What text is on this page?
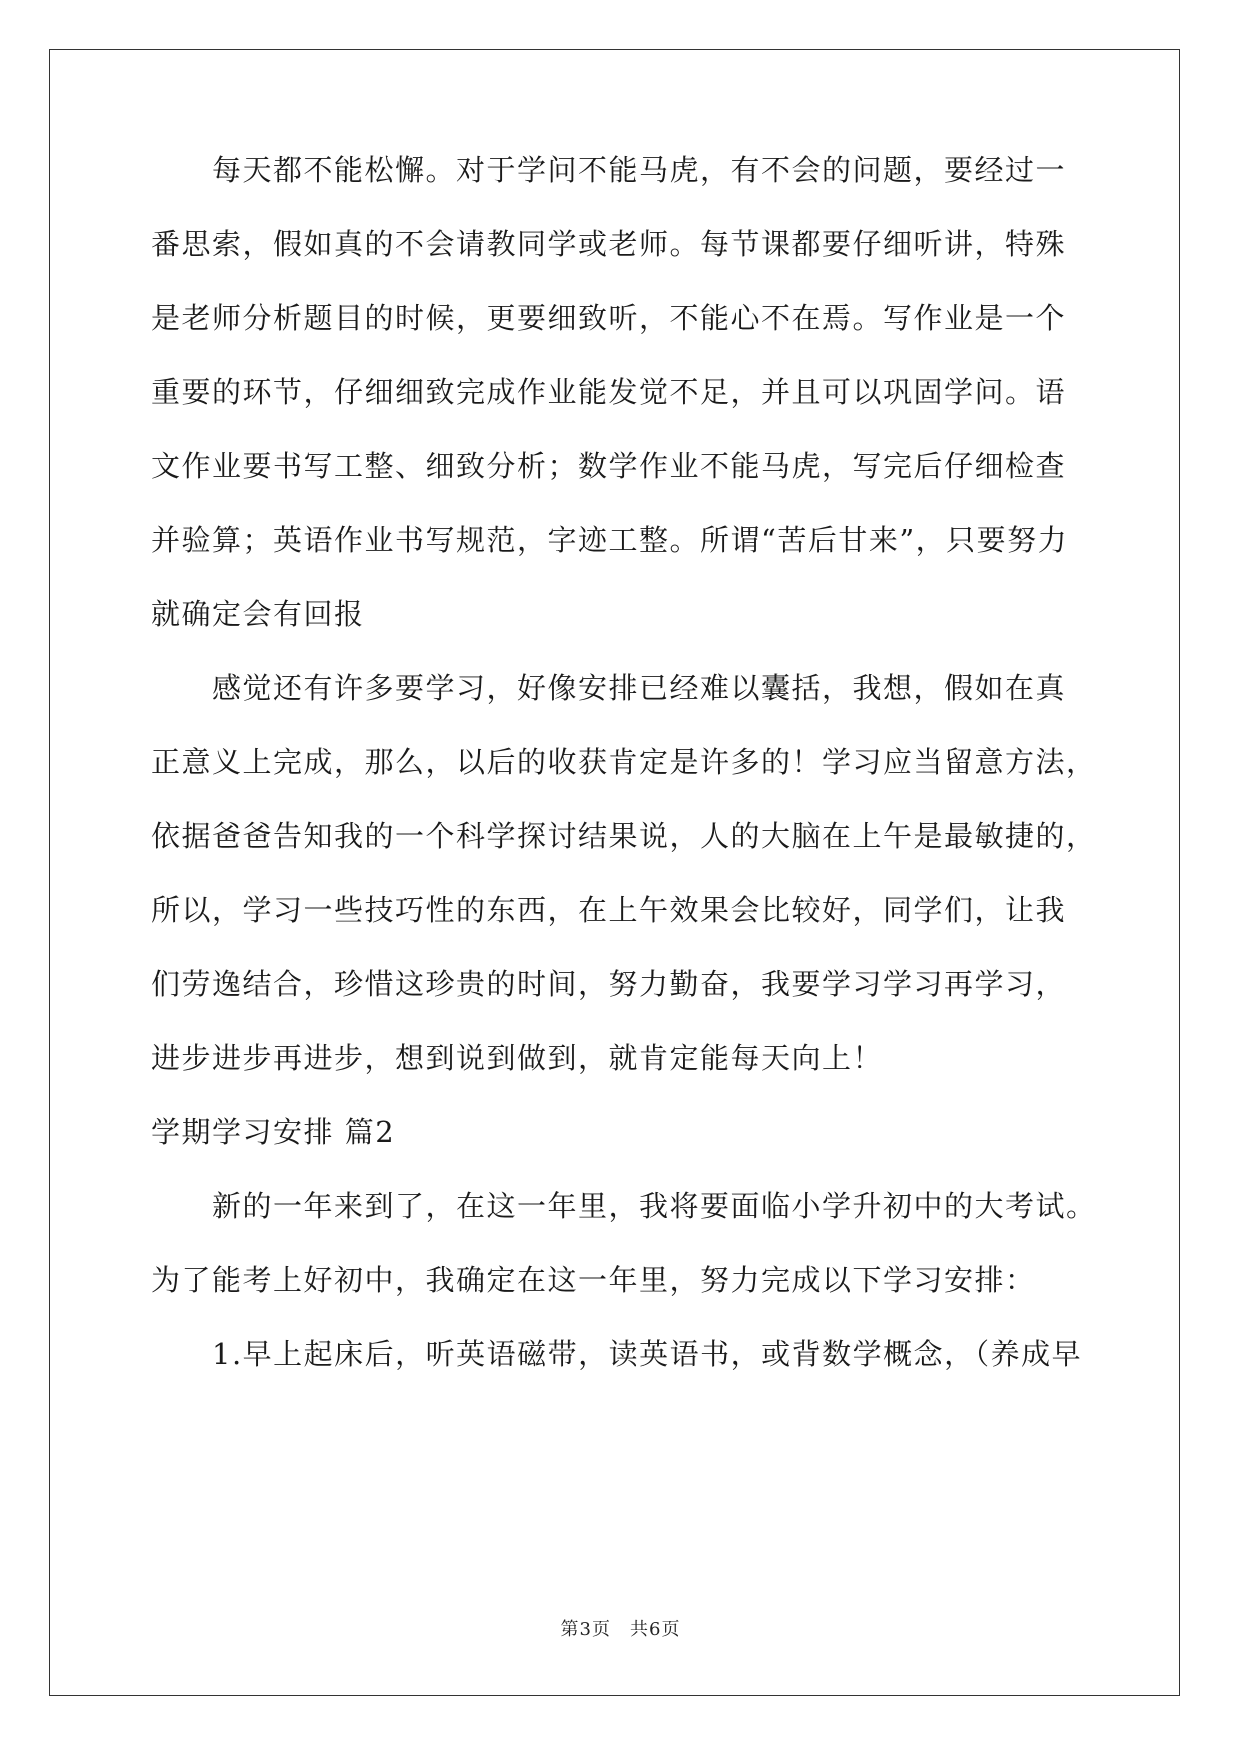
　　每天都不能松懈。对于学问不能马虎，有不会的问题，要经过一
番思索，假如真的不会请教同学或老师。每节课都要仔细听讲，特殊
是老师分析题目的时候，更要细致听，不能心不在焉。写作业是一个
重要的环节，仔细细致完成作业能发觉不足，并且可以巩固学问。语
文作业要书写工整、细致分析；数学作业不能马虎，写完后仔细检查
并验算；英语作业书写规范，字迹工整。所谓“苦后甘来”，只要努力
就确定会有回报
　　感觉还有许多要学习，好像安排已经难以囊括，我想，假如在真
正意义上完成，那么，以后的收获肯定是许多的！学习应当留意方法，
依据爸爸告知我的一个科学探讨结果说，人的大脑在上午是最敏捷的，
所以，学习一些技巧性的东西，在上午效果会比较好，同学们，让我
们劳逸结合，珍惜这珍贵的时间，努力勤奋，我要学习学习再学习，
进步进步再进步，想到说到做到，就肯定能每天向上！
学期学习安排 篇2
　　新的一年来到了，在这一年里，我将要面临小学升初中的大考试。
为了能考上好初中，我确定在这一年里，努力完成以下学习安排：
　　1.早上起床后，听英语磁带，读英语书，或背数学概念，（养成早
第3页　共6页
